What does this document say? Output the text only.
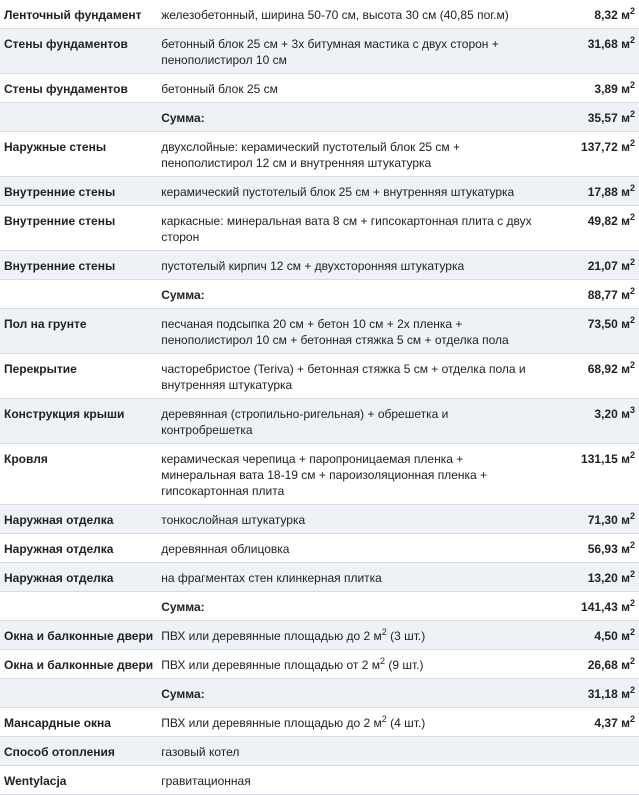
Ленточный фундамент	железобетонный, ширина 50-70 см, высота 30 см (40,85 пог.м)	8,32 $м^2$
Стены фундаментов	бетонный блок 25 см + 3х битумная мастика с двух сторон + пенополистирол 10 см	31,68 $м^2$
Стены фундаментов	бетонный блок 25 см	3,89 $м^2$
	Сумма:	35,57 $м^2$
Наружные стены	двухслойные: керамический пустотелый блок 25 см + пенополистирол 12 см и внутренняя штукатурка	137,72 $м^2$
Внутренние стены	керамический пустотелый блок 25 см + внутренняя штукатурка	17,88 $м^2$
Внутренние стены	каркасные: минеральная вата 8 см + гипсокартонная плита с двух сторон	49,82 $м^2$
Внутренние стены	пустотелый кирпич 12 см + двухсторонняя штукатурка	21,07 $м^2$
	Сумма:	88,77 $м^2$
Пол на грунте	песчаная подсыпка 20 см + бетон 10 см + 2х пленка + пенополистирол 10 см + бетонная стяжка 5 см + отделка пола	73,50 $м^2$
Перекрытие	часторебристое (Teriva) + бетонная стяжка 5 см + отделка пола и внутренняя штукатурка	68,92 $м^2$
Конструкция крыши	деревянная (стропильно-ригельная) + обрешетка и контробрешетка	3,20 $м^3$
Кровля	керамическая черепица + паропроницаемая пленка + минеральная вата 18-19 см + пароизоляционная пленка + гипсокартонная плита	131,15 $м^2$
Наружная отделка	тонкослойная штукатурка	71,30 $м^2$
Наружная отделка	деревянная облицовка	56,93 $м^2$
Наружная отделка	на фрагментах стен клинкерная плитка	13,20 $м^2$
	Сумма:	141,43 $м^2$
Окна и балконные двери	ПВХ или деревянные площадью до 2 $м^2$ (3 шт.)	4,50 $м^2$
Окна и балконные двери	ПВХ или деревянные площадью от 2 $м^2$ (9 шт.)	26,68 $м^2$
	Сумма:	31,18 $м^2$
Мансардные окна	ПВХ или деревянные площадью до 2 $м^2$ (4 шт.)	4,37 $м^2$
Способ отопления	газовый котел	
Wentylacja	гравитационная	
